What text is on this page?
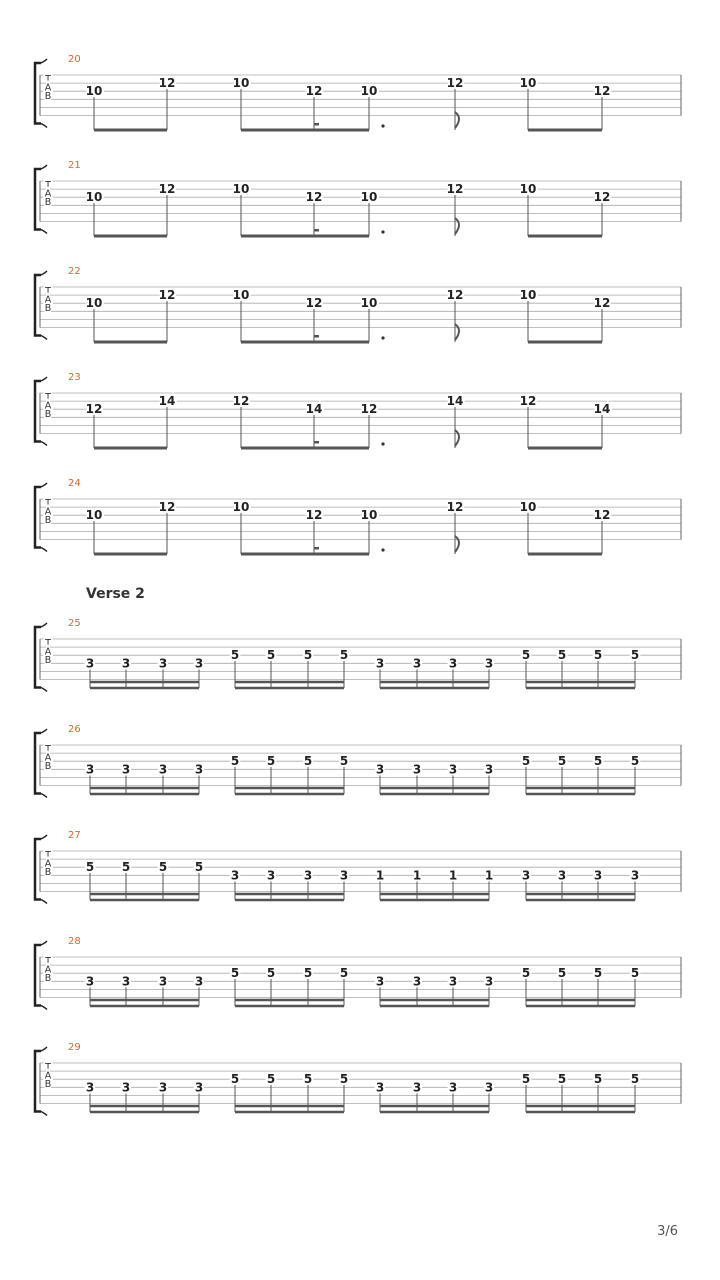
Verse 2
3/6
20
T
A
B	10
12	10
12	10
12	10
12
21
T
A
B	10
12	10
12	10
12	10
12
22
T
A
B	10
12	10
12	10
12	10
12
23
T
A
B	12
14	12
14	12
14	12
14
24
T
A
B	10
12	10
12	10
12	10
12
25
T
A
B	3 3 3 3
5 5 5 5
3 3 3 3
5 5 5 5
26
T
A
B	3 3 3 3
5 5 5 5
3 3 3 3
5 5 5 5
27
T
A
B	5 5 5 5
3 3 3 3 1 1 1 1 3 3 3 3
28
T
A
B	3 3 3 3
5 5 5 5
3 3 3 3
5 5 5 5
29
T
A
B	3 3 3 3
5 5 5 5
3 3 3 3
5 5 5 5
